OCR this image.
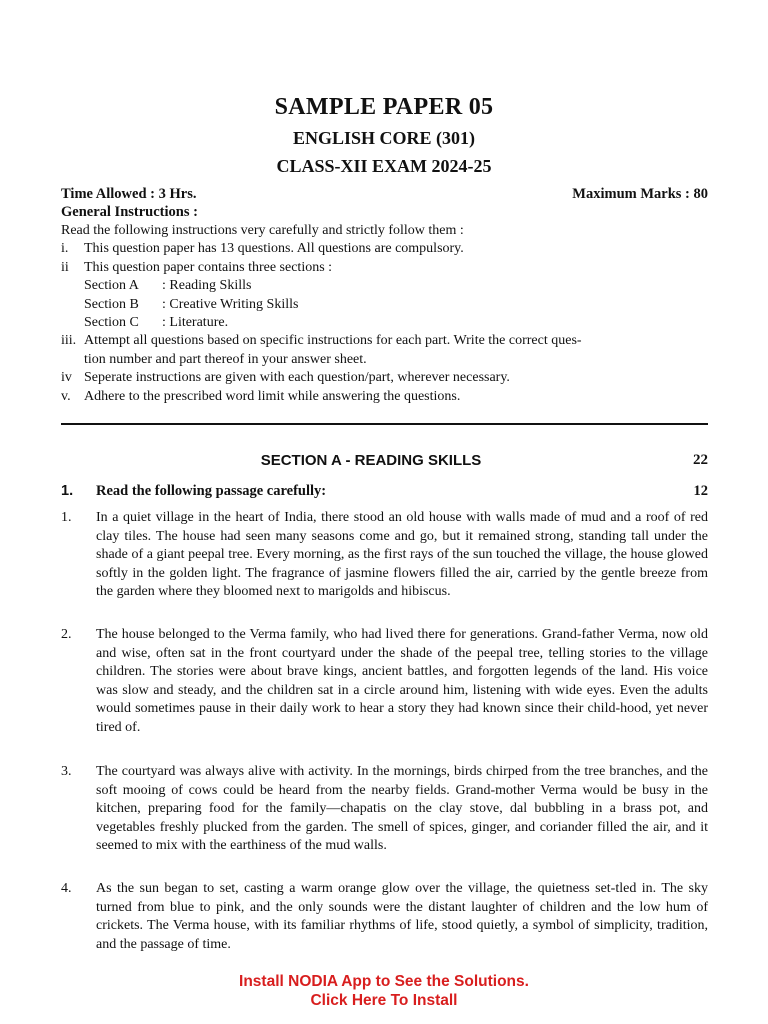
SAMPLE PAPER 05
ENGLISH CORE (301)
CLASS-XII EXAM 2024-25
Time Allowed : 3 Hrs.	Maximum Marks : 80
General Instructions :
Read the following instructions very carefully and strictly follow them :
i. This question paper has 13 questions. All questions are compulsory.
ii This question paper contains three sections :
Section A : Reading Skills
Section B : Creative Writing Skills
Section C : Literature.
iii. Attempt all questions based on specific instructions for each part. Write the correct ques-
tion number and part thereof in your answer sheet.
iv Seperate instructions are given with each question/part, wherever necessary.
v. Adhere to the prescribed word limit while answering the questions.
SECTION A - READING SKILLS	22
1. Read the following passage carefully:	12
1. In a quiet village in the heart of India, there stood an old house with walls made of mud and a roof of red clay tiles. The house had seen many seasons come and go, but it remained strong, standing tall under the shade of a giant peepal tree. Every morning, as the first rays of the sun touched the village, the house glowed softly in the golden light. The fragrance of jasmine flowers filled the air, carried by the gentle breeze from the garden where they bloomed next to marigolds and hibiscus.
2. The house belonged to the Verma family, who had lived there for generations. Grand-father Verma, now old and wise, often sat in the front courtyard under the shade of the peepal tree, telling stories to the village children. The stories were about brave kings, ancient battles, and forgotten legends of the land. His voice was slow and steady, and the children sat in a circle around him, listening with wide eyes. Even the adults would sometimes pause in their daily work to hear a story they had known since their child-hood, yet never tired of.
3. The courtyard was always alive with activity. In the mornings, birds chirped from the tree branches, and the soft mooing of cows could be heard from the nearby fields. Grand-mother Verma would be busy in the kitchen, preparing food for the family—chapatis on the clay stove, dal bubbling in a brass pot, and vegetables freshly plucked from the garden. The smell of spices, ginger, and coriander filled the air, and it seemed to mix with the earthiness of the mud walls.
4. As the sun began to set, casting a warm orange glow over the village, the quietness set-tled in. The sky turned from blue to pink, and the only sounds were the distant laughter of children and the low hum of crickets. The Verma house, with its familiar rhythms of life, stood quietly, a symbol of simplicity, tradition, and the passage of time.
Install NODIA App to See the Solutions.
Click Here To Install
